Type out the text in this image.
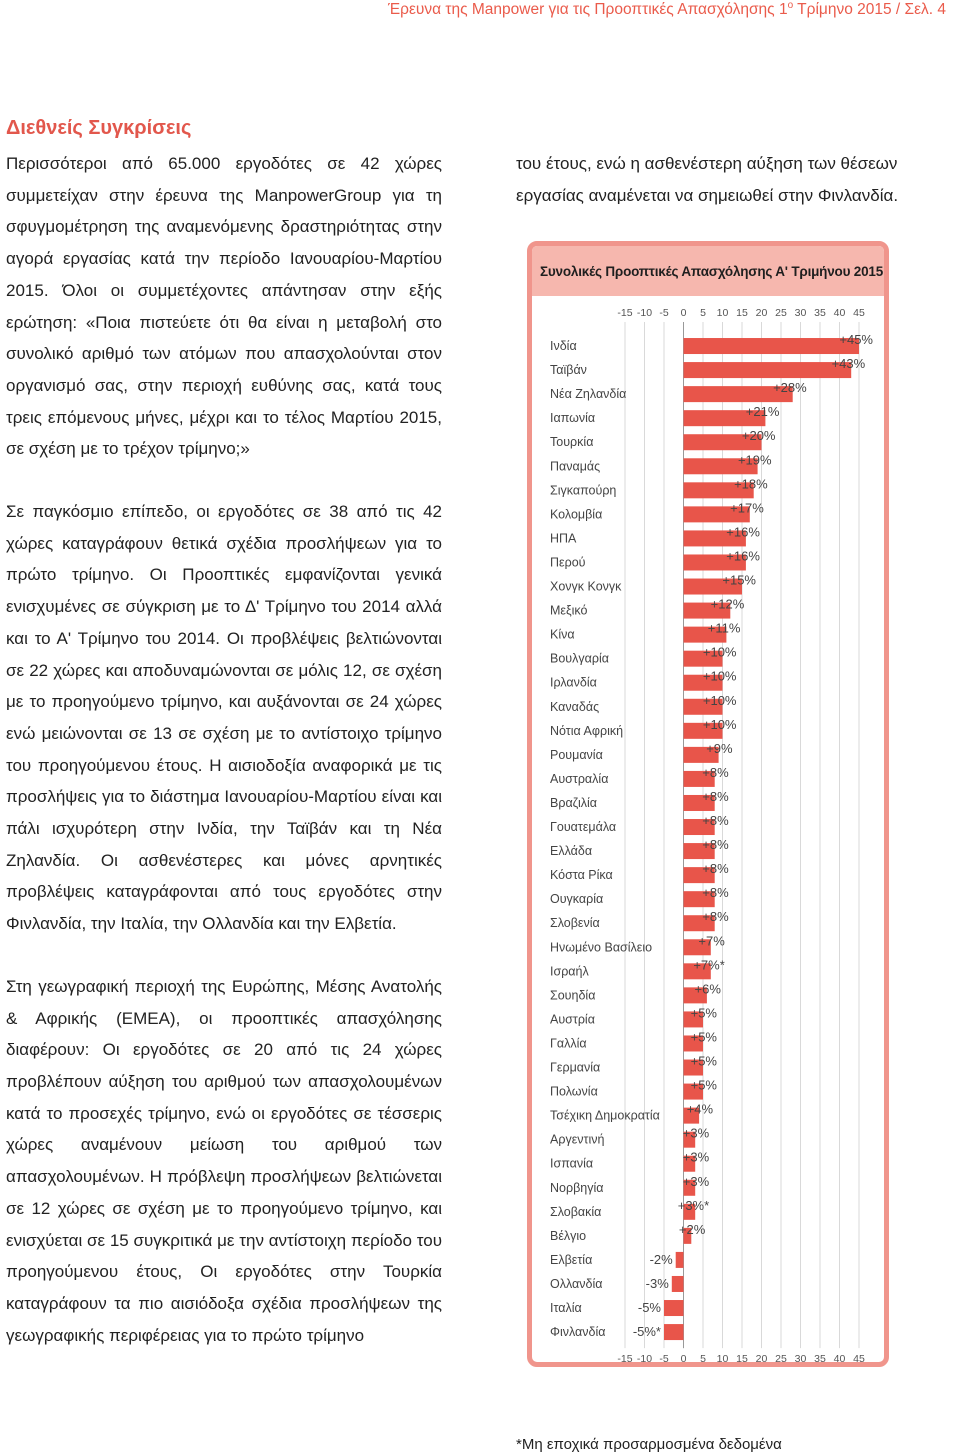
Έρευνα της Manpower για τις Προοπτικές Απασχόλησης $1^o$ Τρίμηνο 2015 / Σελ. 4
Διεθνείς Συγκρίσεις

Περισσότεροι από 65.000 εργοδότες σε 42 χώρες συμμετείχαν στην έρευνα της ManpowerGroup για τη σφυγμομέτρηση της αναμενόμενης δραστηριότητας στην αγορά εργασίας κατά την περίοδο Ιανουαρίου-Μαρτίου 2015. Όλοι οι συμμετέχοντες απάντησαν στην εξής ερώτηση: «Ποια πιστεύετε ότι θα είναι η μεταβολή στο συνολικό αριθμό των ατόμων που απασχολούνται στον οργανισμό σας, στην περιοχή ευθύνης σας, κατά τους τρεις επόμενους μήνες, μέχρι και το τέλος Μαρτίου 2015, σε σχέση με το τρέχον τρίμηνο;»

Σε παγκόσμιο επίπεδο, οι εργοδότες σε 38 από τις 42 χώρες καταγράφουν θετικά σχέδια προσλήψεων για το πρώτο τρίμηνο. Οι Προοπτικές εμφανίζονται γενικά ενισχυμένες σε σύγκριση με το Δ' Τρίμηνο του 2014 αλλά και το Α' Τρίμηνο του 2014. Οι προβλέψεις βελτιώνονται σε 22 χώρες και αποδυναμώνονται σε μόλις 12, σε σχέση με το προηγούμενο τρίμηνο, και αυξάνονται σε 24 χώρες ενώ μειώνονται σε 13 σε σχέση με το αντίστοιχο τρίμηνο του προηγούμενου έτους. Η αισιοδοξία αναφορικά με τις προσλήψεις για το διάστημα Ιανουαρίου-Μαρτίου είναι και πάλι ισχυρότερη στην Ινδία, την Ταϊβάν και τη Νέα Ζηλανδία. Οι ασθενέστερες και μόνες αρνητικές προβλέψεις καταγράφονται από τους εργοδότες στην Φινλανδία, την Ιταλία, την Ολλανδία και την Ελβετία.

Στη γεωγραφική περιοχή της Ευρώπης, Μέσης Ανατολής & Αφρικής (ΕΜΕΑ), οι προοπτικές απασχόλησης διαφέρουν: Οι εργοδότες σε 20 από τις 24 χώρες προβλέπουν αύξηση του αριθμού των απασχολουμένων κατά το προσεχές τρίμηνο, ενώ οι εργοδότες σε τέσσερις χώρες αναμένουν μείωση του αριθμού των απασχολουμένων. Η πρόβλεψη προσλήψεων βελτιώνεται σε 12 χώρες σε σχέση με το προηγούμενο τρίμηνο, και ενισχύεται σε 15 συγκριτικά με την αντίστοιχη περίοδο του προηγούμενου έτους, Οι εργοδότες στην Τουρκία καταγράφουν τα πιο αισιόδοξα σχέδια προσλήψεων της γεωγραφικής περιφέρειας για το πρώτο τρίμηνο

του έτους, ενώ η ασθενέστερη αύξηση των θέσεων εργασίας αναμένεται να σημειωθεί στην Φινλανδία.

Συνολικές Προοπτικές Απασχόλησης Α' Τριμήνου 2015
-15
-15
-10
-10
-5
-5
0
0
5
5
10
10
15
15
20
20
25
25
30
30
35
35
40
40
45
45
Ινδία	+45%
Ταϊβάν	+43%
Νέα Ζηλανδία	+28%
Ιαπωνία	+21%
Τουρκία	+20%
Παναμάς	+19%
Σιγκαπούρη	+18%
Κολομβία	+17%
ΗΠΑ	+16%
Περού	+16%
Χονγκ Κονγκ	+15%
Μεξικό	+12%
Κίνα	+11%
Βουλγαρία	+10%
Ιρλανδία	+10%
Καναδάς	+10%
Νότια Αφρική	+10%
Ρουμανία	+9%
Αυστραλία	+8%
Βραζιλία	+8%
Γουατεμάλα	+8%
Ελλάδα	+8%
Κόστα Ρίκα	+8%
Ουγκαρία	+8%
Σλοβενία	+8%
Ηνωμένο Βασίλειο	+7%
Ισραήλ	+7%*
Σουηδία	+6%
Αυστρία	+5%
Γαλλία	+5%
Γερμανία	+5%
Πολωνία	+5%
Τσέχικη Δημοκρατία +4%
Αργεντινή	+3%
Ισπανία	+3%
Νορβηγία	+3%
Σλοβακία	+3%*
Βέλγιο	+2%
Ελβετία	-2%
Ολλανδία	-3%
Ιταλία	-5%
Φινλανδία -5%*
*Μη εποχικά προσαρμοσμένα δεδομένα
